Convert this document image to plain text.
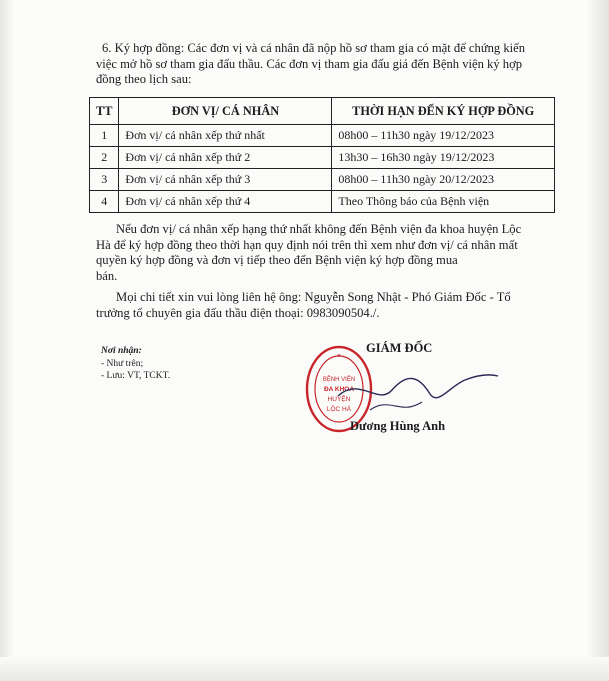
6. Ký hợp đồng: Các đơn vị và cá nhân đã nộp hồ sơ tham gia có mặt để chứng kiến
việc mở hồ sơ tham gia đấu thầu. Các đơn vị tham gia đấu giá đến Bệnh viện ký hợp
đồng theo lịch sau:
TT	ĐƠN VỊ/ CÁ NHÂN	THỜI HẠN ĐẾN KÝ HỢP ĐỒNG
1	Đơn vị/ cá nhân xếp thứ nhất	08h00 – 11h30 ngày 19/12/2023
2	Đơn vị/ cá nhân xếp thứ 2	13h30 – 16h30 ngày 19/12/2023
3	Đơn vị/ cá nhân xếp thứ 3	08h00 – 11h30 ngày 20/12/2023
4	Đơn vị/ cá nhân xếp thứ 4	Theo Thông báo của Bệnh viện
Nếu đơn vị/ cá nhân xếp hạng thứ nhất không đến Bệnh viện đa khoa huyện Lộc
Hà để ký hợp đồng theo thời hạn quy định nói trên thì xem như đơn vị/ cá nhân mất
quyền ký hợp đồng và đơn vị tiếp theo đến Bệnh viện ký hợp đồng mua
bán.
Mọi chi tiết xin vui lòng liên hệ ông: Nguyễn Song Nhật - Phó Giám Đốc - Tổ
trưởng tổ chuyên gia đấu thầu điện thoại: 0983090504./.
Nơi nhận:
- Như trên;
- Lưu: VT, TCKT.	BỆNH VIỆN
ĐA KHOA
HUYỆN
LỘC HÀ
★
GIÁM ĐỐC
Dương Hùng Anh
